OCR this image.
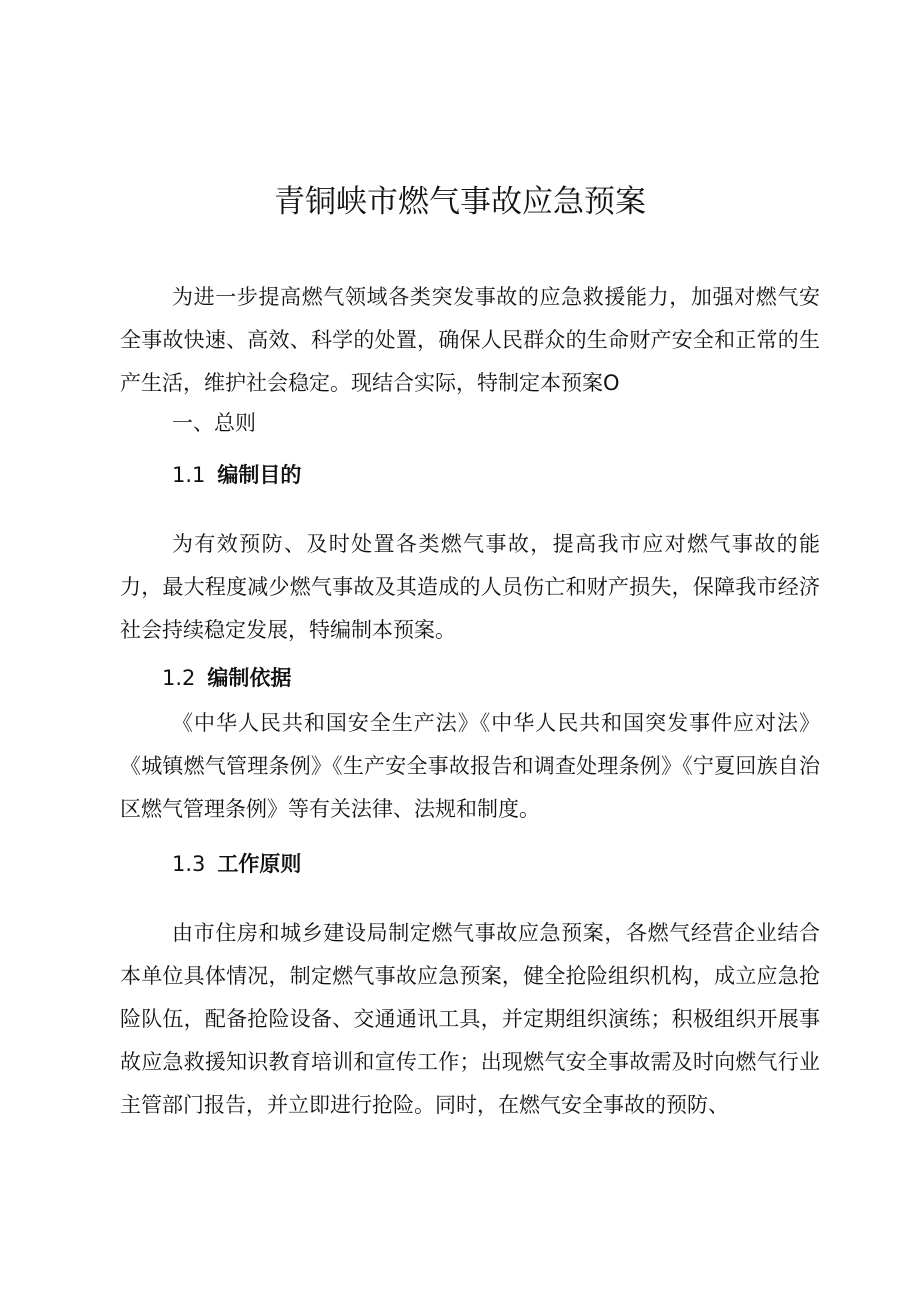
青铜峡市燃气事故应急预案

为进一步提高燃气领域各类突发事故的应急救援能力，加强对燃气安全事故快速、高效、科学的处置，确保人民群众的生命财产安全和正常的生产生活，维护社会稳定。现结合实际，特制定本预案O

一、总则
1.1 编制目的

为有效预防、及时处置各类燃气事故，提高我市应对燃气事故的能力，最大程度减少燃气事故及其造成的人员伤亡和财产损失，保障我市经济社会持续稳定发展，特编制本预案。

1.2 编制依据

《中华人民共和国安全生产法》《中华人民共和国突发事件应对法》《城镇燃气管理条例》《生产安全事故报告和调查处理条例》《宁夏回族自治区燃气管理条例》等有关法律、法规和制度。

1.3 工作原则

由市住房和城乡建设局制定燃气事故应急预案，各燃气经营企业结合本单位具体情况，制定燃气事故应急预案，健全抢险组织机构，成立应急抢险队伍，配备抢险设备、交通通讯工具，并定期组织演练；积极组织开展事故应急救援知识教育培训和宣传工作；出现燃气安全事故需及时向燃气行业主管部门报告，并立即进行抢险。同时，在燃气安全事故的预防、
